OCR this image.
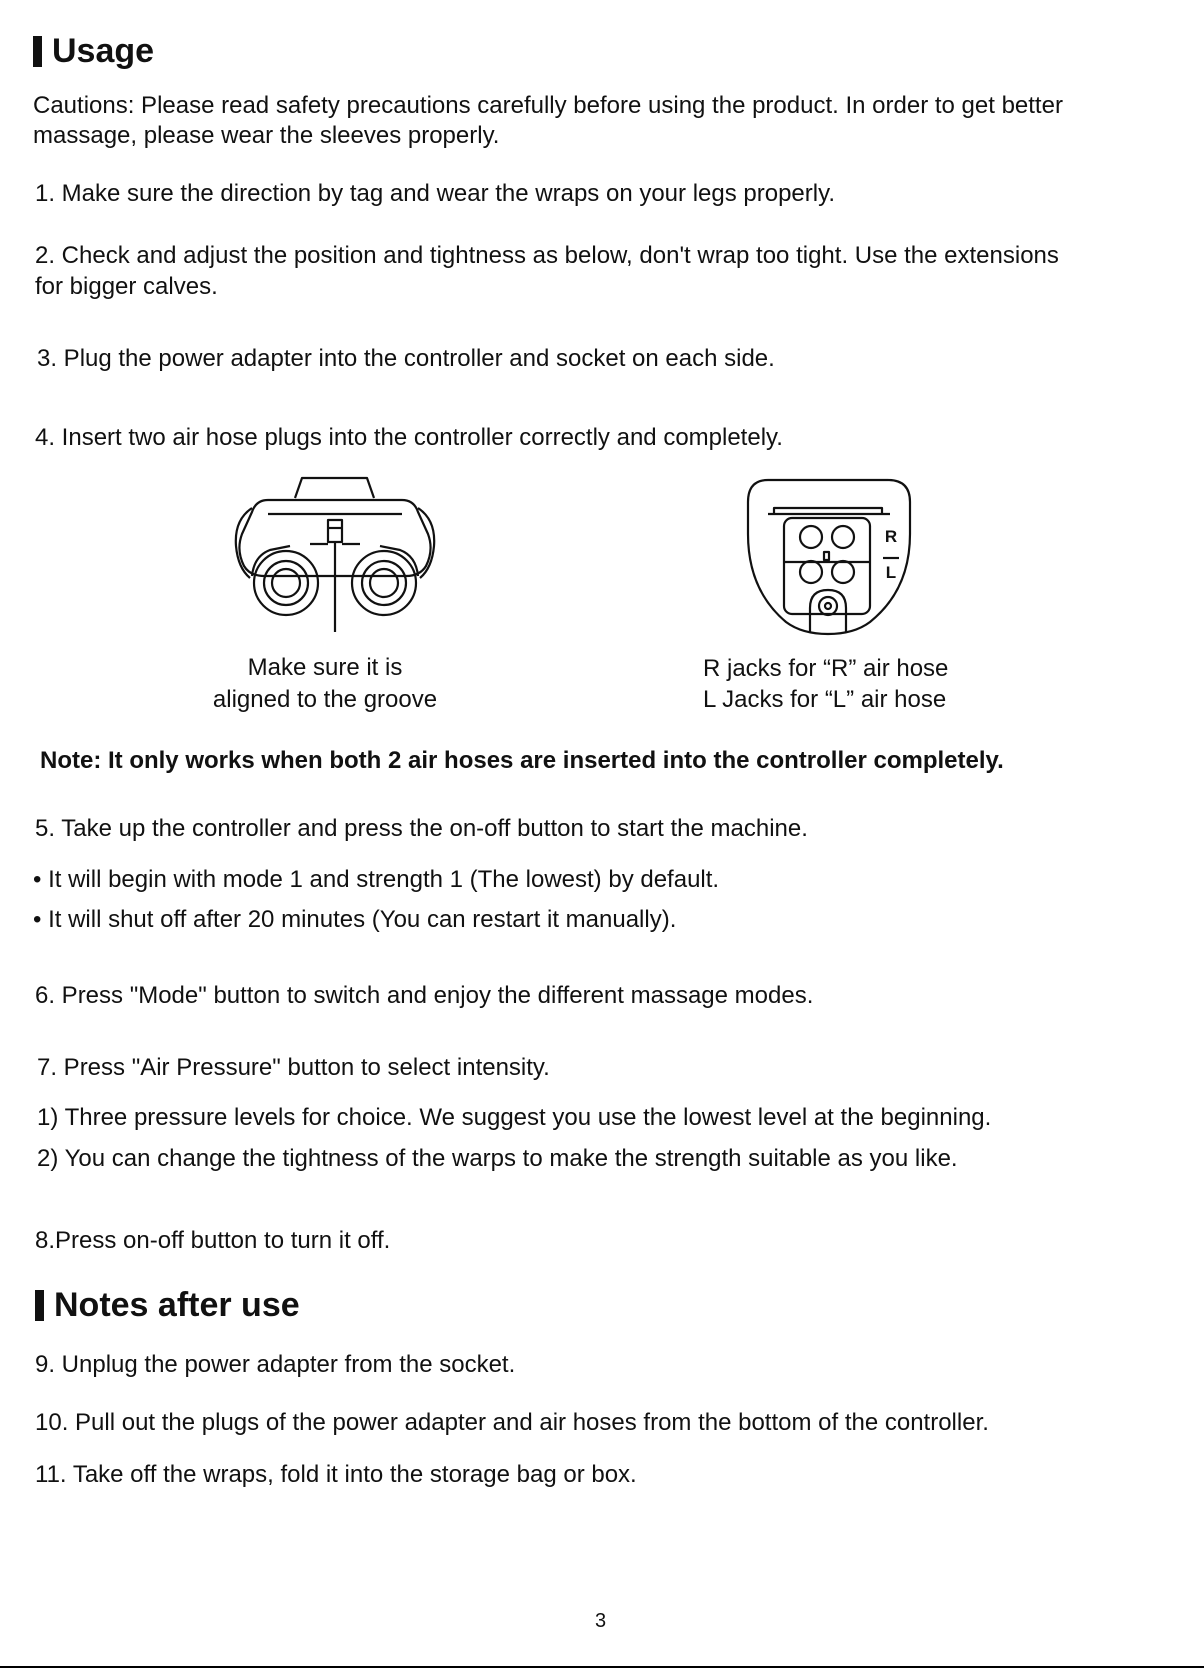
Usage
Cautions: Please read safety precautions carefully before using the product. In order to get better
massage, please wear the sleeves properly.
1. Make sure the direction by tag and wear the wraps on your legs properly.
2. Check and adjust the position and tightness as below, don't wrap too tight. Use the extensions
for bigger calves.
3. Plug the power adapter into the controller and socket on each side.
4. Insert two air hose plugs into the controller correctly and completely.
Make sure it is
aligned to the groove
R
L
R jacks for “R” air hose
L Jacks for “L” air hose
Note: It only works when both 2 air hoses are inserted into the controller completely.
5. Take up the controller and press the on-off button to start the machine.
• It will begin with mode 1 and strength 1 (The lowest) by default.
• It will shut off after 20 minutes (You can restart it manually).
6. Press "Mode" button to switch and enjoy the different massage modes.
7. Press "Air Pressure" button to select intensity.
1) Three pressure levels for choice. We suggest you use the lowest level at the beginning.
2) You can change the tightness of the warps to make the strength suitable as you like.
8.Press on-off button to turn it off.
Notes after use
9. Unplug the power adapter from the socket.
10. Pull out the plugs of the power adapter and air hoses from the bottom of the controller.
11. Take off the wraps, fold it into the storage bag or box.
3
